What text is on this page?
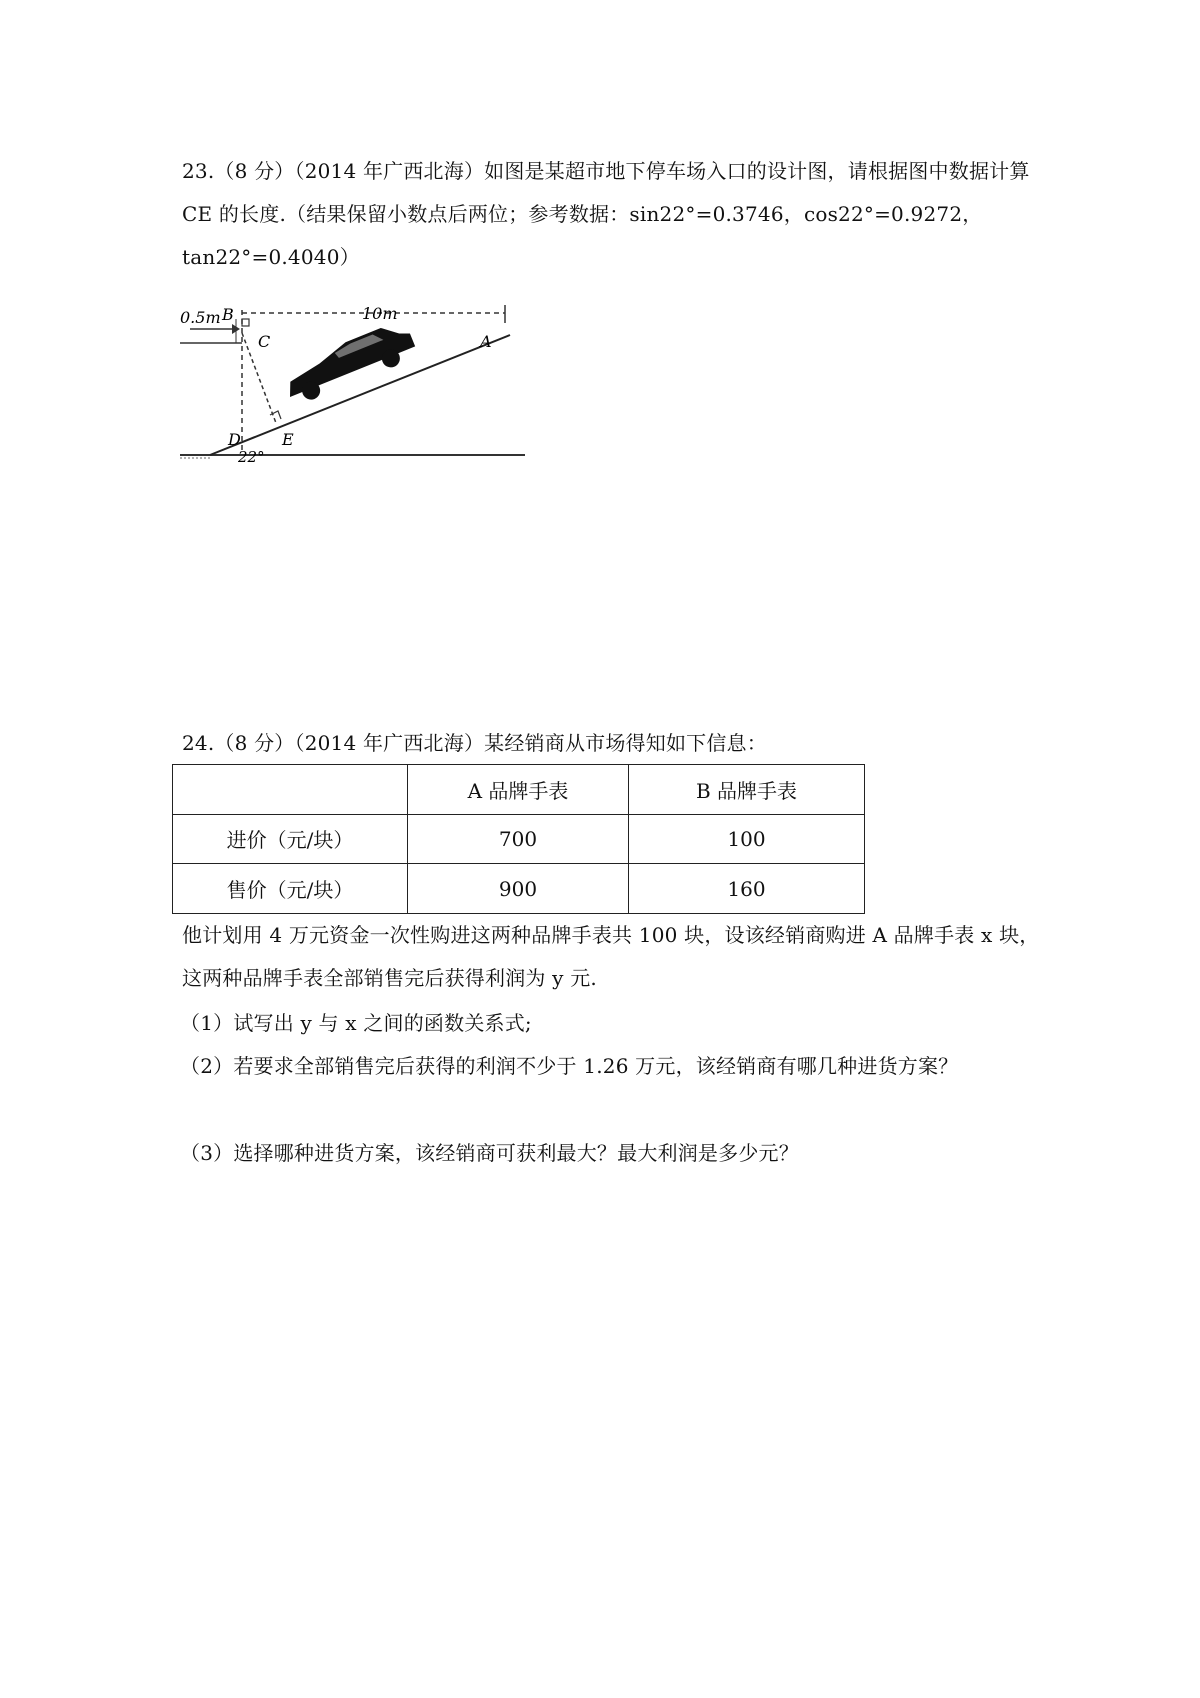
23.（8 分）（2014 年广西北海）如图是某超市地下停车场入口的设计图，请根据图中数据计算 CE 的长度.（结果保留小数点后两位；参考数据：sin22°=0.3746，cos22°=0.9272，tan22°=0.4040）
0.5m B	10m
C	A
D	E
22°
24.（8 分）（2014 年广西北海）某经销商从市场得知如下信息：
	A 品牌手表	B 品牌手表
进价（元/块）	700	100
售价（元/块）	900	160
他计划用 4 万元资金一次性购进这两种品牌手表共 100 块，设该经销商购进 A 品牌手表 x 块，这两种品牌手表全部销售完后获得利润为 y 元.
（1）试写出 y 与 x 之间的函数关系式;
（2）若要求全部销售完后获得的利润不少于 1.26 万元，该经销商有哪几种进货方案？
（3）选择哪种进货方案，该经销商可获利最大？最大利润是多少元？
